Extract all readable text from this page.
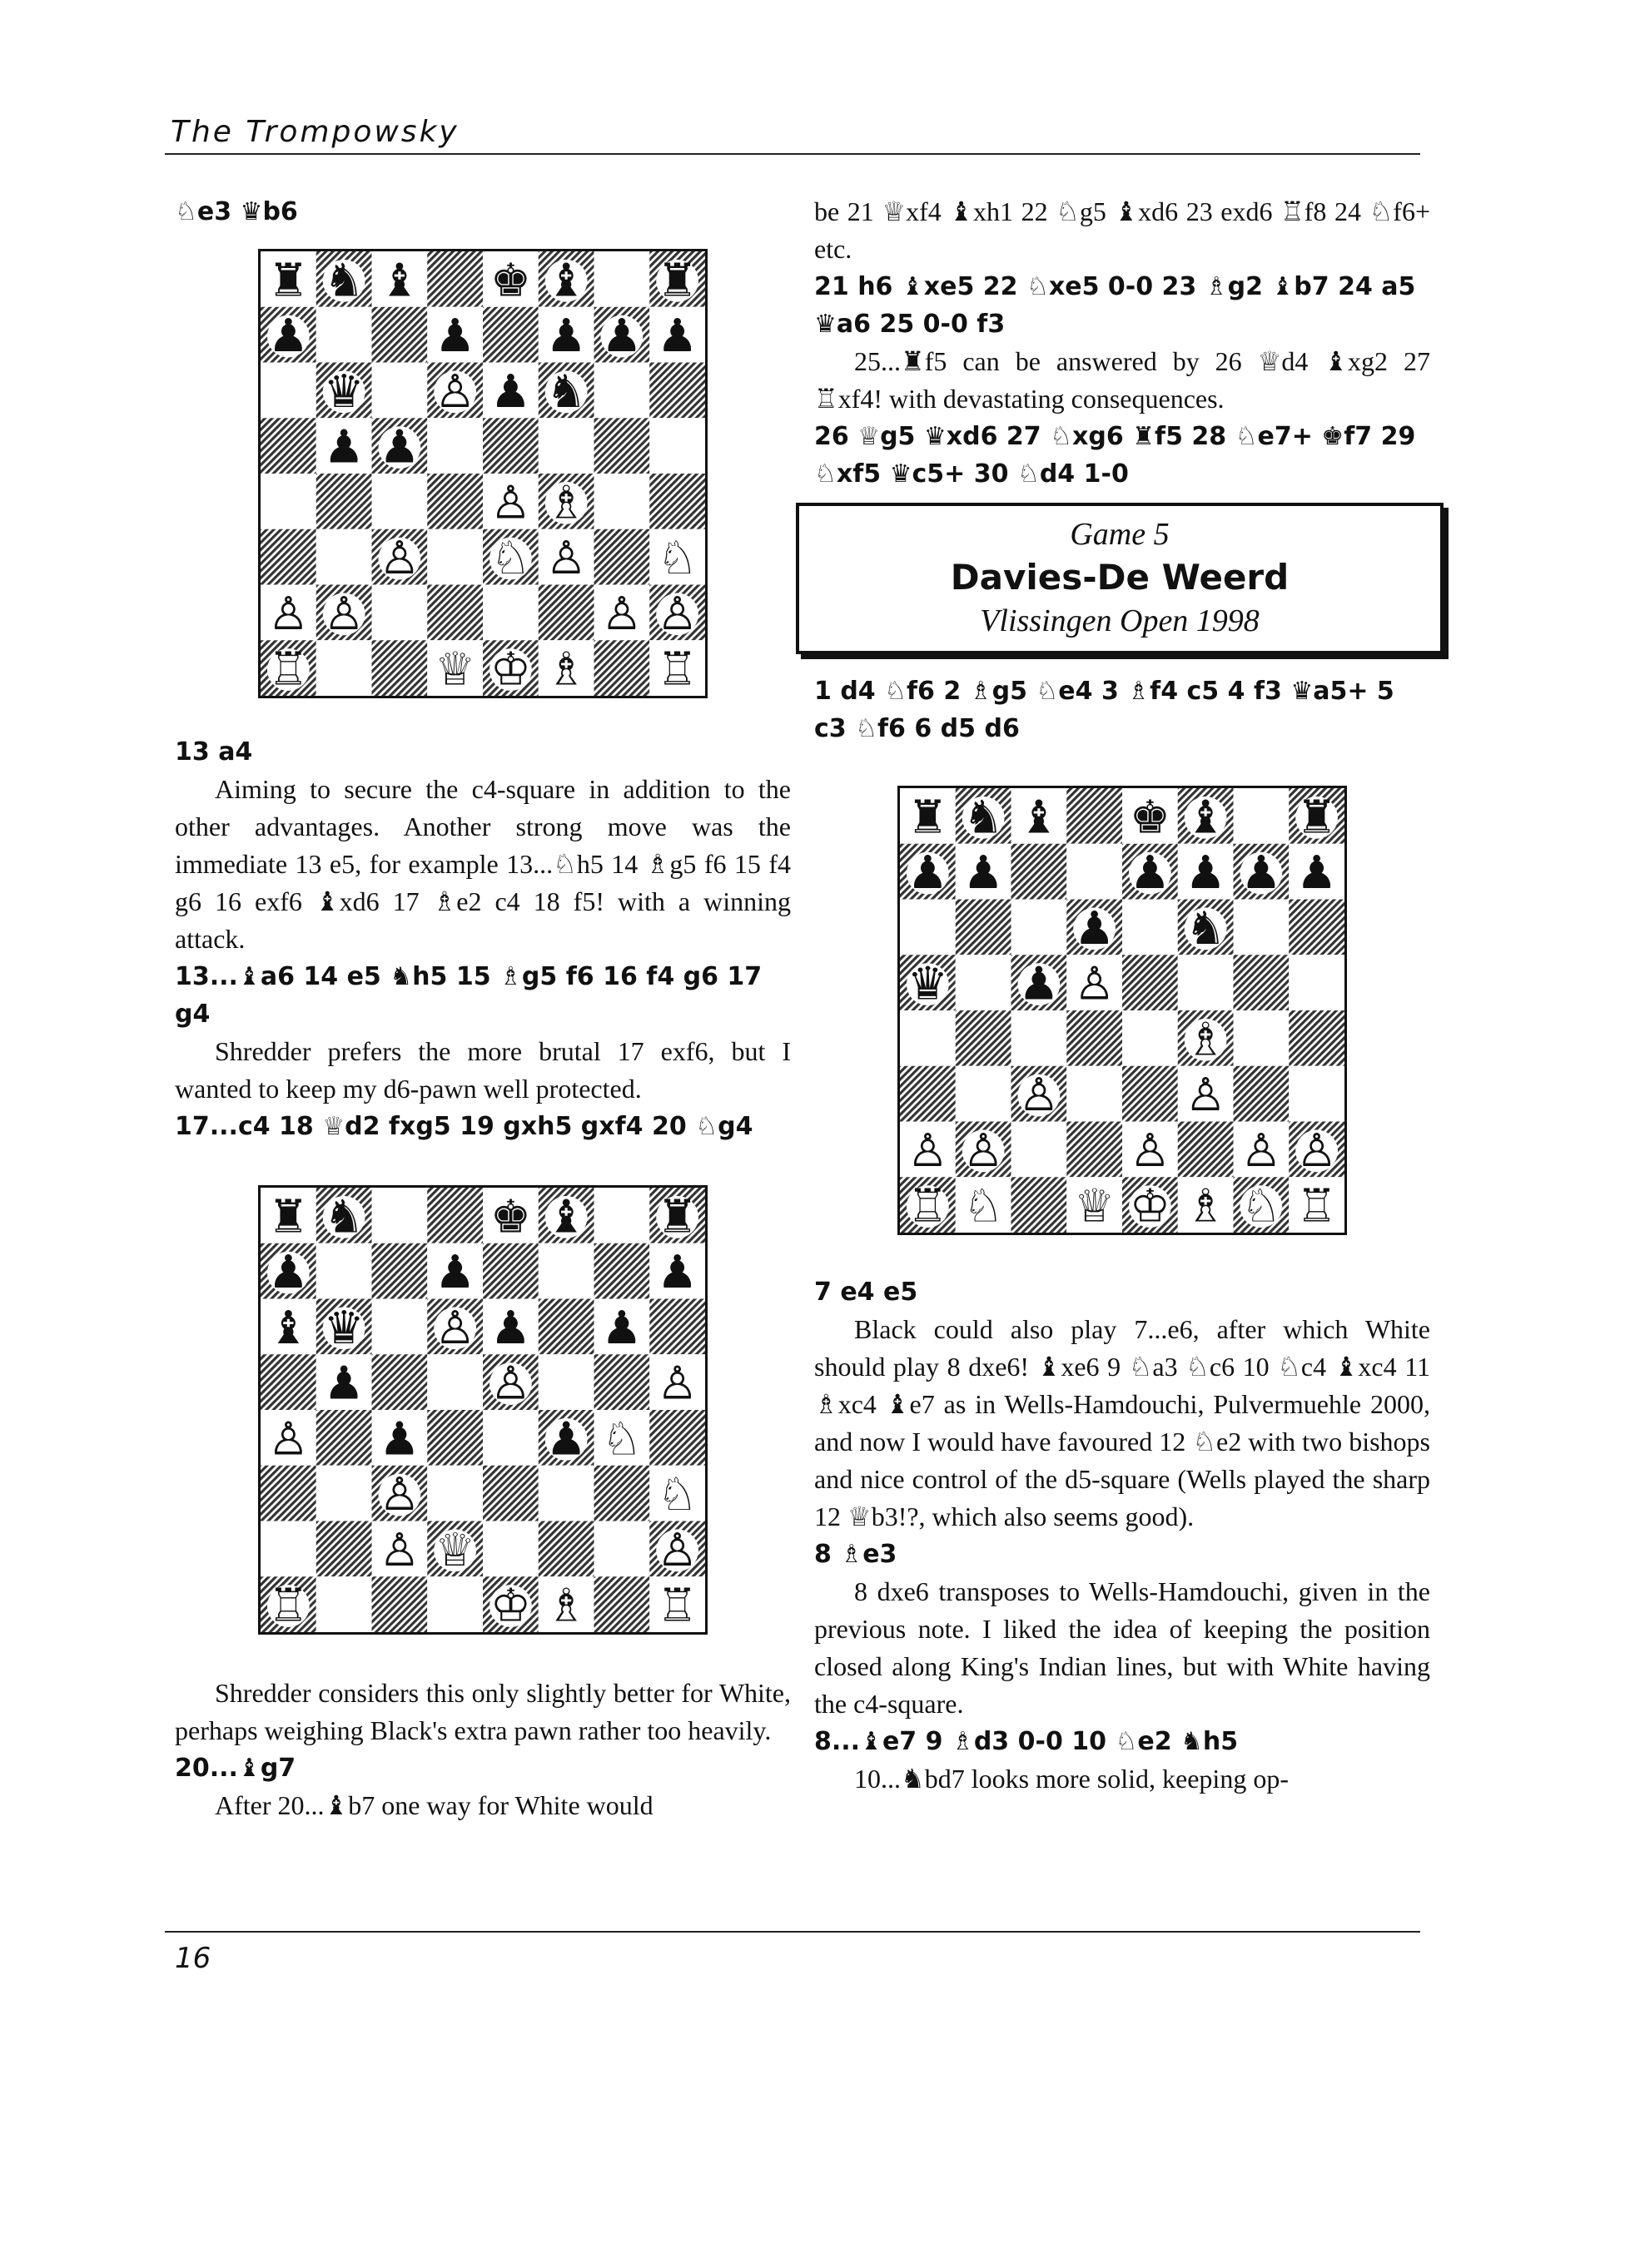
The Trompowsky

♘e3 ♛b6

♜ ♞ ♝ ♚ ♝ ♜
♟	♟ ♟ ♟ ♟
♛ ♙ ♟ ♞
♟ ♟
♙ ♗
♙ ♘ ♙ ♘
♙ ♙	♙ ♙
♖	♕ ♔ ♗ ♖

13 a4

Aiming to secure the c4-square in addition to the other advantages. Another strong move was the immediate 13 e5, for example 13...♘h5 14 ♗g5 f6 15 f4 g6 16 exf6 ♝xd6 17 ♗e2 c4 18 f5! with a winning attack.

13...♝a6 14 e5 ♞h5 15 ♗g5 f6 16 f4 g6 17 g4

Shredder prefers the more brutal 17 exf6, but I wanted to keep my d6-pawn well protected.

17...c4 18 ♕d2 fxg5 19 gxh5 gxf4 20 ♘g4

♜ ♞	♚ ♝ ♜
♟	♟	♟
♝ ♛ ♙ ♟ ♟
♟	♙	♙
♙ ♟	♟ ♘
♙	♘
♙ ♕	♙
♖	♔ ♗ ♖

Shredder considers this only slightly better for White, perhaps weighing Black's extra pawn rather too heavily.

20...♝g7

After 20...♝b7 one way for White would

be 21 ♕xf4 ♝xh1 22 ♘g5 ♝xd6 23 exd6 ♖f8 24 ♘f6+ etc.

21 h6 ♝xe5 22 ♘xe5 0-0 23 ♗g2 ♝b7 24 a5 ♛a6 25 0-0 f3

25...♜f5 can be answered by 26 ♕d4 ♝xg2 27 ♖xf4! with devastating consequences.

26 ♕g5 ♛xd6 27 ♘xg6 ♜f5 28 ♘e7+ ♚f7 29 ♘xf5 ♛c5+ 30 ♘d4 1-0

Game 5
Davies-De Weerd
Vlissingen Open 1998

1 d4 ♘f6 2 ♗g5 ♘e4 3 ♗f4 c5 4 f3 ♛a5+ 5 c3 ♘f6 6 d5 d6

♜ ♞ ♝ ♚ ♝ ♜
♟ ♟	♟ ♟ ♟ ♟
♟ ♞
♛ ♟ ♙
♗
♙	♙
♙ ♙	♙ ♙ ♙
♖ ♘ ♕ ♔ ♗ ♘ ♖

7 e4 e5

Black could also play 7...e6, after which White should play 8 dxe6! ♝xe6 9 ♘a3 ♘c6 10 ♘c4 ♝xc4 11 ♗xc4 ♝e7 as in Wells-Hamdouchi, Pulvermuehle 2000, and now I would have favoured 12 ♘e2 with two bishops and nice control of the d5-square (Wells played the sharp 12 ♕b3!?, which also seems good).

8 ♗e3

8 dxe6 transposes to Wells-Hamdouchi, given in the previous note. I liked the idea of keeping the position closed along King's Indian lines, but with White having the c4-square.

8...♝e7 9 ♗d3 0-0 10 ♘e2 ♞h5

10...♞bd7 looks more solid, keeping op-

16
